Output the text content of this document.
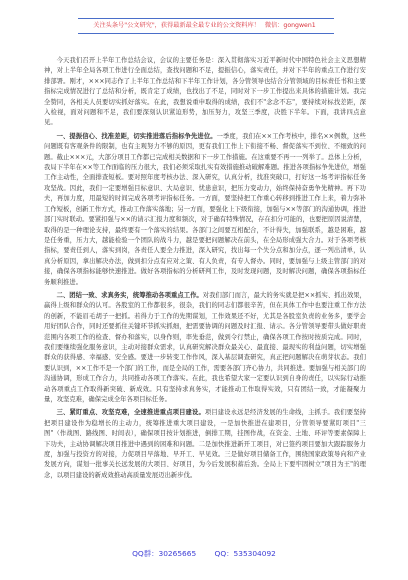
关注头条号"公文研究"，获得最新最全最专业的公文资料库！ 微信：gongwen1

今天我们召开上半年工作总结会议，会议的主要任务是：深入贯彻落实习近平新时代中国特色社会主义思想精神，对上半年全局各项工作进行全面总结，查找问题和不足，提振信心，落实责任，并对下半年的重点工作进行安排部署。刚才，×××同志作了上半年工作总结和下半年工作计划，各分管领导也结合分管领域的目标责任书和主要指标完成情况进行了总结和分析，既肯定了成绩，也找出了不足，同时对下一步工作提出来具体的措施计划。我完全赞同，各相关人员要切实抓好落实。在此，我想说重申取得的成绩，我们不"念念不忘"，要持续对标找差距，深入检视，面对问题和不足，我们要深刻认识紧迫形势，加压努力，攻坚三季度，决胜下半年。下面，我讲四点意见。

一、提振信心、找准差距，切实推进落后指标争先进位。一季度，我们在××工作考核中，排名××例数，这些问题既有客观条件的限制，也有主观努力不够的原因，更有我们工作上下衔接不畅、督促落实不到位、不细致的问题。截止×××元，大部分项目工作都已完成相关数据和下一步工作措施。在这重要不再一一列举了。总体上分析，我局下半年在××等工作面临的压力很大，我们必须采取扎实有效措施推动破解难题。推进各项指标争先进位，增强工作主动性，全面排查短板。要对照年度考核办法、深入研究，认真分析，找准突破口，打好这一场考评指标任务攻坚战。因此，我们一定要增强目标意识、大局意识、忧患意识，把压力变动力，始终保持奋勇争先精神。再下功夫，再加力度，用最短的时间完成各项考评指标任务。一方面，要坚持把工作重心转移到推进工作上来，着力弥补工作短板，创新工作方式，推动工作落实落地；另一方面，要强化上下级衔接，加强与××等部门的沟通协调，推进部门实时联动。要紧扣强与××的请示汇报力度和频次，对于确有特殊情况，存在扣分可能的，也要把原因说清楚，取得的是一种理论支持，最终要有一个落实的结果。各部门之间要互相配合，不计得失，加强联系，越是困难，越是任务重，压力大，越能检验一个团队的战斗力，越是要把问题解决在前头，在全局形成强大合力。对于各项考核指标，要责任到人，落实到岗，各责任人要全力推进，深入研究，找出每一个失分点和加分点，逐一列出清单，认真分析原因，拿出解决办法，做到扣分点有应对之策、有人负责，有专人督办。同时，要加强与上级主管部门的对接，确保各项指标能够快速推进。做好各项指标的分析研判工作，及时发现问题，及时解决问题，确保各项指标任务顺利推进。

二、团结一致、求真务实，统筹推动各项重点工作。对我们部门而言，最大的务实就是把××抓实、抓出效果，赢得上级和群众的认可。各股室的工作都很多，很杂，我们的同志们都很辛苦，但在具体工作中也要注重工作方法的创新，不能眉毛胡子一把抓。若得力于工作的先期谋划，工作效果还不好，尤其是各股室负责的业务多，要学会用好团队合作，同时还要抓住关键环节抓实抓细，把需要协调的问题及时汇报、请示。各分管领导要带头做好职责范围内各项工作的检查、督办和落实，以身作则，率先垂范，做到令行禁止，确保各项工作按时按质完成。同时，我们要继续强化服务意识，主动对接群众需求，认真研究解决群众最关心、最直接、最现实的利益问题，切实增强群众的获得感、幸福感、安全感。要进一步转变工作作风，深入基层调查研究，真正把问题解决在萌芽状态。我们要认识到，××工作不是一个部门的工作，而是全局的工作，需要各部门齐心协力，共同推进。要加强与相关部门的沟通协调，形成工作合力，共同推动各项工作落实。在此，我也希望大家一定要认识到自身的责任，以实际行动推动各项重点工作取得新突破、新成效。只有坚持求真务实，才能推动工作取得实效，只有团结一致，才能凝聚力量，攻坚克难，确保完成全年各项目标任务。

三、紧盯重点、攻坚克难，全速推进重点项目建设。项目建设永远是经济发展的生命线，主抓手。我们要坚持把项目建设作为稳增长的主动力，统筹推进重大项目建设，一是加快推进在建项目，分管领导要紧盯项目"三图"（作战图、路线图、时间表），确保项目按计划推进，倒排工期，挂图作战，在资金、土地、环评等要素保障上下功夫，主动协调解决项目推进中遇到的困难和问题。二是加快推进新开工项目，对已签约项目要加大跟踪服务力度，加强与投资方的对接，力促项目早落地、早开工、早见效。三是做好项目储备工作，围绕国家政策导向和产业发展方向，谋划一批事关长远发展的大项目、好项目，为今后发展积蓄后劲。全局上下要牢固树立"项目为王"的理念，以项目建设的新成效推动高质量发展迈出新步伐。

QQ群：30265665 QQ：535304092
